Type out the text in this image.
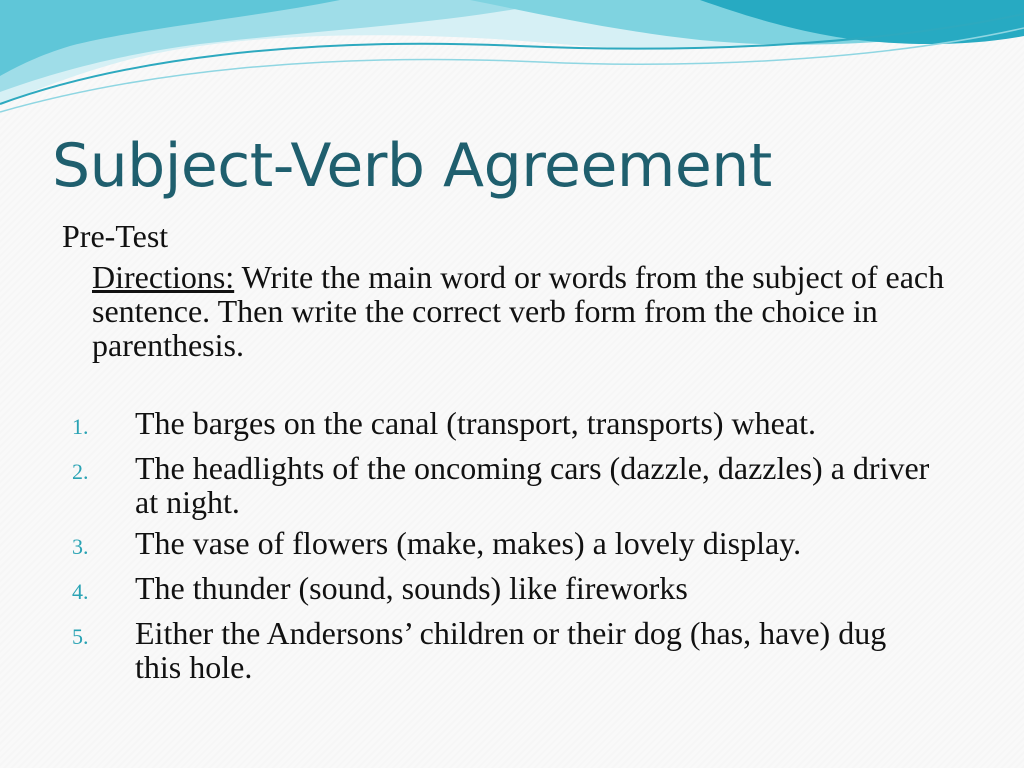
Subject-Verb Agreement
Pre-Test
Directions: Write the main word or words from the subject of each sentence. Then write the correct verb form from the choice in parenthesis.
1.	The barges on the canal (transport, transports) wheat.
2.	The headlights of the oncoming cars (dazzle, dazzles) a driver at night.
3.	The vase of flowers (make, makes) a lovely display.
4.	The thunder (sound, sounds) like fireworks
5.	Either the Andersons’ children or their dog (has, have) dug this hole.
